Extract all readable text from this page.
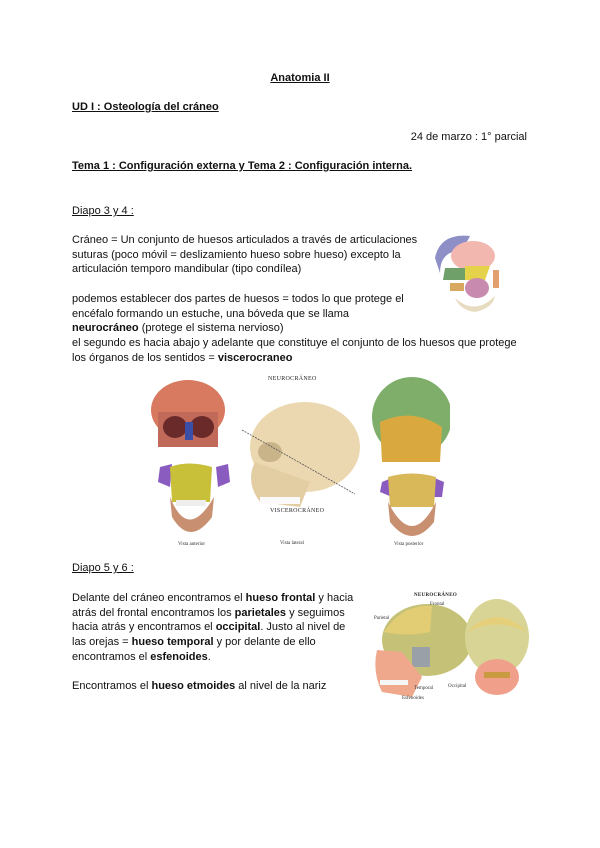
Anatomia II
UD I : Osteología del cráneo
24 de marzo : 1° parcial
Tema 1 : Configuración externa y Tema 2 : Configuración interna.
Diapo 3 y 4 :
Cráneo = Un conjunto de huesos articulados a través de articulaciones
suturas (poco móvil = deslizamiento hueso sobre hueso) excepto la
articulación temporo mandibular (tipo condílea)
podemos establecer dos partes de huesos = todos lo que protege el
encéfalo formando un estuche, una bóveda que se llama
neurocráneo (protege el sistema nervioso)
el segundo es hacia abajo y adelante que constituye el conjunto de los huesos que protege
los órganos de los sentidos = viscerocraneo
NEUROCRÁNEO
VISCEROCRÁNEO
Vista anterior	Vista lateral	Vista posterior
Diapo 5 y 6 :
Delante del cráneo encontramos el hueso frontal y hacia
atrás del frontal encontramos los parietales y seguimos
hacia atrás y encontramos el occipital. Justo al nivel de
las orejas = hueso temporal y por delante de ello
encontramos el esfenoides.
Encontramos el hueso etmoides al nivel de la nariz
NEUROCRÁNEO
Frontal
Parietal
Temporal	Occipital
Esfenoides
